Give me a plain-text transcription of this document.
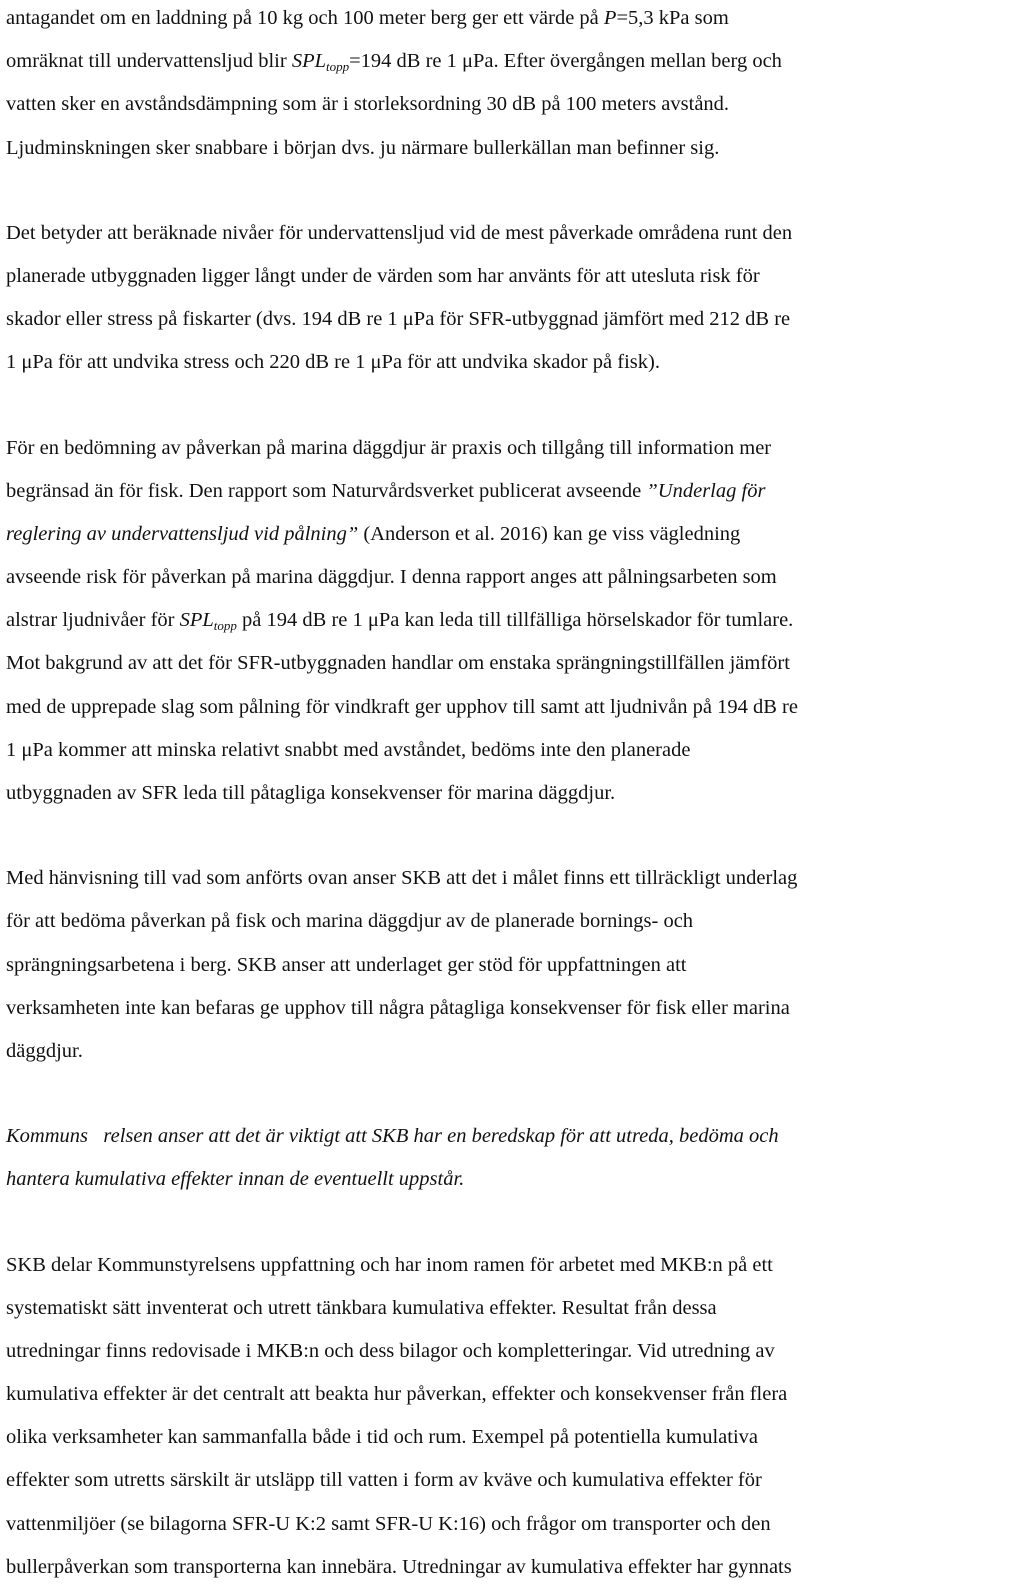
antagandet om en laddning på 10 kg och 100 meter berg ger ett värde på P=5,3 kPa som
omräknat till undervattensljud blir $SPL_{topp}=194$ dB re 1 μPa. Efter övergången mellan berg och
vatten sker en avståndsdämpning som är i storleksordning 30 dB på 100 meters avstånd.
Ljudminskningen sker snabbare i början dvs. ju närmare bullerkällan man befinner sig.

Det betyder att beräknade nivåer för undervattensljud vid de mest påverkade områdena runt den
planerade utbyggnaden ligger långt under de värden som har använts för att utesluta risk för
skador eller stress på fiskarter (dvs. 194 dB re 1 μPa för SFR-utbyggnad jämfört med 212 dB re
1 μPa för att undvika stress och 220 dB re 1 μPa för att undvika skador på fisk).

För en bedömning av påverkan på marina däggdjur är praxis och tillgång till information mer
begränsad än för fisk. Den rapport som Naturvårdsverket publicerat avseende ”Underlag för
reglering av undervattensljud vid pålning” (Anderson et al. 2016) kan ge viss vägledning
avseende risk för påverkan på marina däggdjur. I denna rapport anges att pålningsarbeten som
alstrar ljudnivåer för $SPL_{topp}$ på 194 dB re 1 μPa kan leda till tillfälliga hörselskador för tumlare.
Mot bakgrund av att det för SFR-utbyggnaden handlar om enstaka sprängningstillfällen jämfört
med de upprepade slag som pålning för vindkraft ger upphov till samt att ljudnivån på 194 dB re
1 μPa kommer att minska relativt snabbt med avståndet, bedöms inte den planerade
utbyggnaden av SFR leda till påtagliga konsekvenser för marina däggdjur.

Med hänvisning till vad som anförts ovan anser SKB att det i målet finns ett tillräckligt underlag
för att bedöma påverkan på fisk och marina däggdjur av de planerade bornings- och
sprängningsarbetena i berg. SKB anser att underlaget ger stöd för uppfattningen att
verksamheten inte kan befaras ge upphov till några påtagliga konsekvenser för fisk eller marina
däggdjur.

Kommuns   relsen anser att det är viktigt att SKB har en beredskap för att utreda, bedöma och
hantera kumulativa effekter innan de eventuellt uppstår.

SKB delar Kommunstyrelsens uppfattning och har inom ramen för arbetet med MKB:n på ett
systematiskt sätt inventerat och utrett tänkbara kumulativa effekter. Resultat från dessa
utredningar finns redovisade i MKB:n och dess bilagor och kompletteringar. Vid utredning av
kumulativa effekter är det centralt att beakta hur påverkan, effekter och konsekvenser från flera
olika verksamheter kan sammanfalla både i tid och rum. Exempel på potentiella kumulativa
effekter som utretts särskilt är utsläpp till vatten i form av kväve och kumulativa effekter för
vattenmiljöer (se bilagorna SFR-U K:2 samt SFR-U K:16) och frågor om transporter och den
bullerpåverkan som transporterna kan innebära. Utredningar av kumulativa effekter har gynnats
